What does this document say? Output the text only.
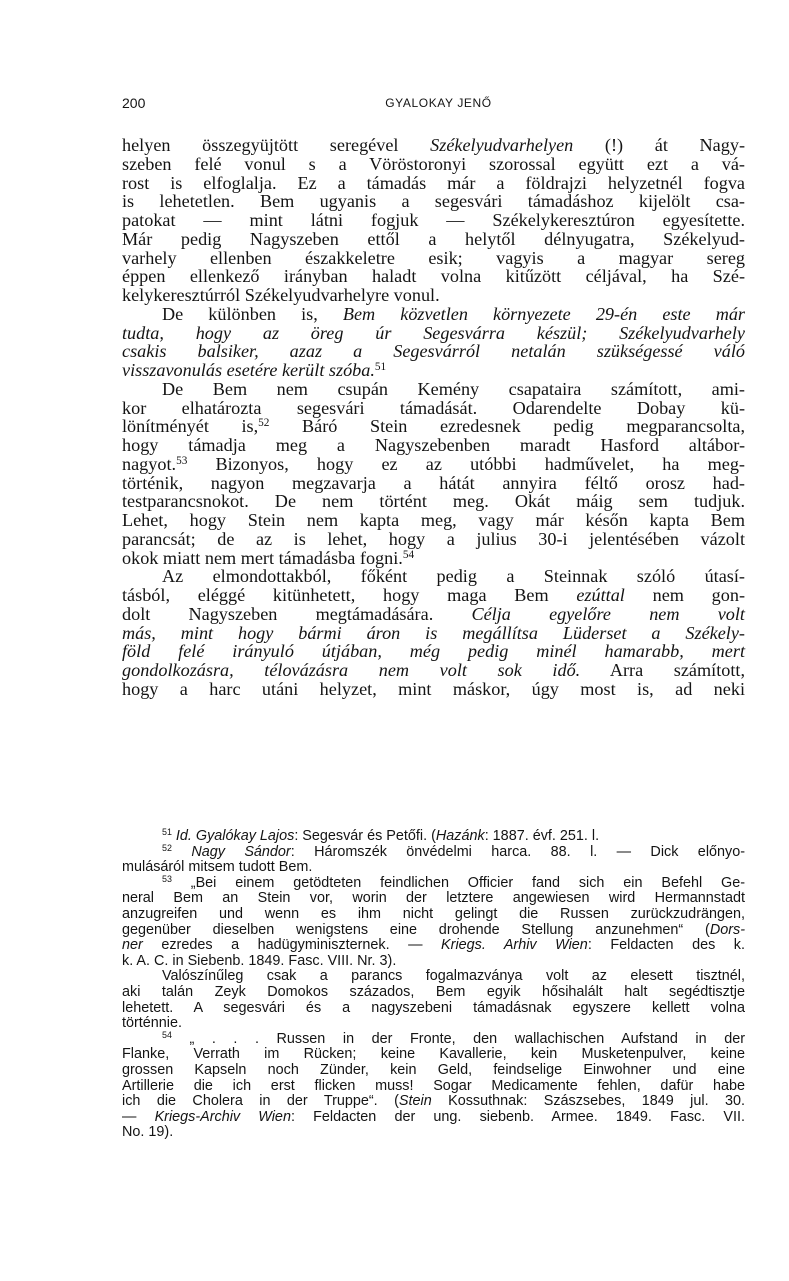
200	GYALOKAY JENŐ
helyen összegyüjtött seregével Székelyudvarhelyen (!) át Nagy-
szeben felé vonul s a Vöröstoronyi szorossal együtt ezt a vá-
rost is elfoglalja. Ez a támadás már a földrajzi helyzetnél fogva
is lehetetlen. Bem ugyanis a segesvári támadáshoz kijelölt csa-
patokat — mint látni fogjuk — Székelykeresztúron egyesítette.
Már pedig Nagyszeben ettől a helytől délnyugatra, Székelyud-
varhely ellenben északkeletre esik; vagyis a magyar sereg
éppen ellenkező irányban haladt volna kitűzött céljával, ha Szé-
kelykeresztúrról Székelyudvarhelyre vonul.
De különben is, Bem közvetlen környezete 29-én este már
tudta, hogy az öreg úr Segesvárra készül; Székelyudvarhely
csakis balsiker, azaz a Segesvárról netalán szükségessé váló
visszavonulás esetére került szóba.$^{51}$
De Bem nem csupán Kemény csapataira számított, ami-
kor elhatározta segesvári támadását. Odarendelte Dobay kü-
lönítményét is,$^{52}$ Báró Stein ezredesnek pedig megparancsolta,
hogy támadja meg a Nagyszebenben maradt Hasford altábor-
nagyot.$^{53}$ Bizonyos, hogy ez az utóbbi hadművelet, ha meg-
történik, nagyon megzavarja a hátát annyira féltő orosz had-
testparancsnokot. De nem történt meg. Okát máig sem tudjuk.
Lehet, hogy Stein nem kapta meg, vagy már későn kapta Bem
parancsát; de az is lehet, hogy a julius 30-i jelentésében vázolt
okok miatt nem mert támadásba fogni.$^{54}$
Az elmondottakból, főként pedig a Steinnak szóló útasí-
tásból, eléggé kitünhetett, hogy maga Bem ezúttal nem gon-
dolt Nagyszeben megtámadására. Célja egyelőre nem volt
más, mint hogy bármi áron is megállítsa Lüderset a Székely-
föld felé irányuló útjában, még pedig minél hamarabb, mert
gondolkozásra, télovázásra nem volt sok idő. Arra számított,
hogy a harc utáni helyzet, mint máskor, úgy most is, ad neki
$^{51}$ Id. Gyalókay Lajos: Segesvár és Petőfi. (Hazánk: 1887. évf. 251. l.
$^{52}$ Nagy Sándor: Háromszék önvédelmi harca. 88. l. — Dick előnyo-
mulásáról mitsem tudott Bem.
$^{53}$ „Bei einem getödteten feindlichen Officier fand sich ein Befehl Ge-
neral Bem an Stein vor, worin der letztere angewiesen wird Hermannstadt
anzugreifen und wenn es ihm nicht gelingt die Russen zurückzudrängen,
gegenüber dieselben wenigstens eine drohende Stellung anzunehmen“ (Dors-
ner ezredes a hadügyminiszternek. — Kriegs. Arhiv Wien: Feldacten des k.
k. A. C. in Siebenb. 1849. Fasc. VIII. Nr. 3).
Valószínűleg csak a parancs fogalmazványa volt az elesett tisztnél,
aki talán Zeyk Domokos százados, Bem egyik hősihalált halt segédtisztje
lehetett. A segesvári és a nagyszebeni támadásnak egyszere kellett volna
történnie.
$^{54}$ „ . . . Russen in der Fronte, den wallachischen Aufstand in der
Flanke, Verrath im Rücken; keine Kavallerie, kein Musketenpulver, keine
grossen Kapseln noch Zünder, kein Geld, feindselige Einwohner und eine
Artillerie die ich erst flicken muss! Sogar Medicamente fehlen, dafür habe
ich die Cholera in der Truppe“. (Stein Kossuthnak: Szászsebes, 1849 jul. 30.
— Kriegs-Archiv Wien: Feldacten der ung. siebenb. Armee. 1849. Fasc. VII.
No. 19).
